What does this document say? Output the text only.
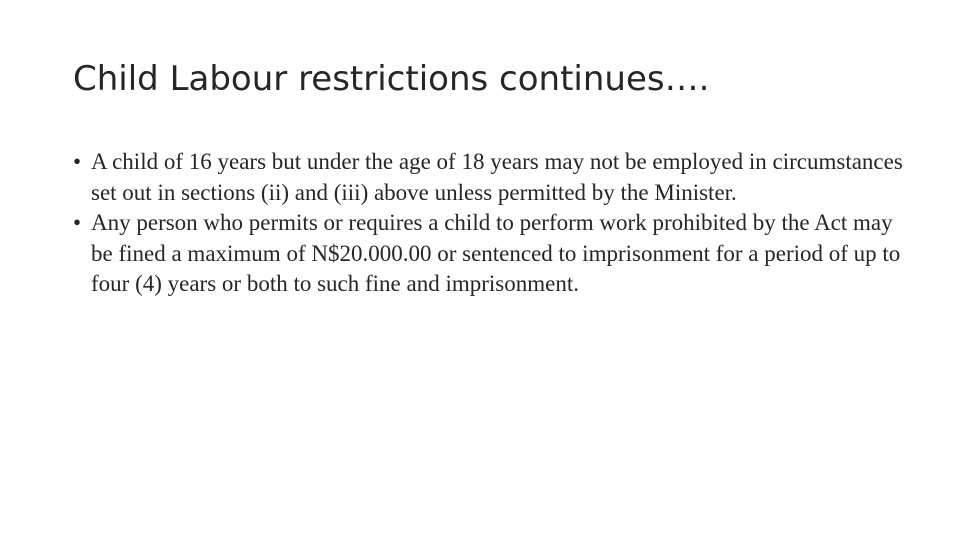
Child Labour restrictions continues….
• A child of 16 years but under the age of 18 years may not be employed in circumstances set out in sections (ii) and (iii) above unless permitted by the Minister.
• Any person who permits or requires a child to perform work prohibited by the Act may be fined a maximum of N$20.000.00 or sentenced to imprisonment for a period of up to four (4) years or both to such fine and imprisonment.
